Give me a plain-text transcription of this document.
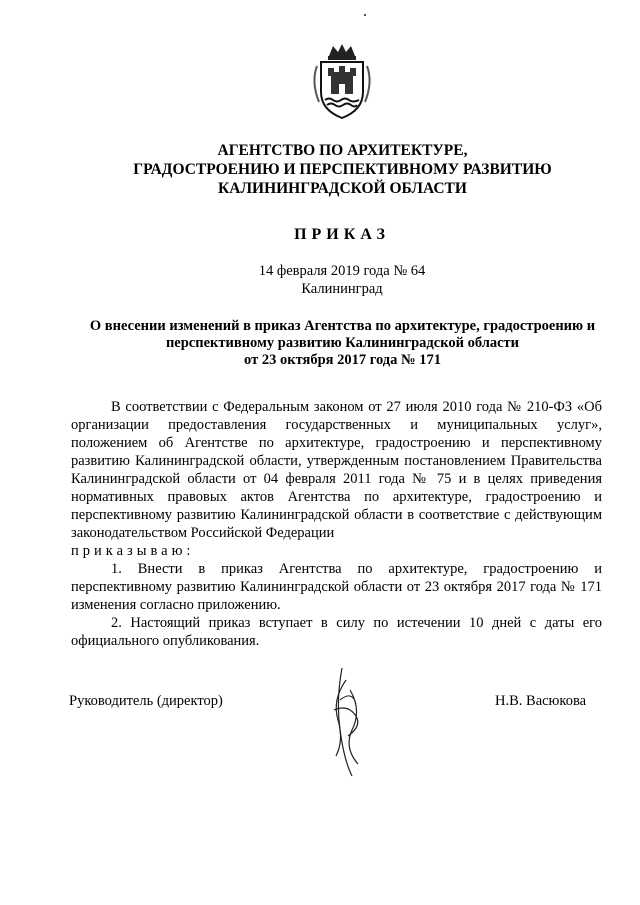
АГЕНТСТВО ПО АРХИТЕКТУРЕ,
ГРАДОСТРОЕНИЮ И ПЕРСПЕКТИВНОМУ РАЗВИТИЮ
КАЛИНИНГРАДСКОЙ ОБЛАСТИ
ПРИКАЗ
14 февраля 2019 года № 64
Калининград
О внесении изменений в приказ Агентства по архитектуре, градостроению и
перспективному развитию Калининградской области
от 23 октября 2017 года № 171

В соответствии с Федеральным законом от 27 июля 2010 года № 210-ФЗ «Об организации предоставления государственных и муниципальных услуг», положением об Агентстве по архитектуре, градостроению и перспективному развитию Калининградской области, утвержденным постановлением Правительства Калининградской области от 04 февраля 2011 года № 75 и в целях приведения нормативных правовых актов Агентства по архитектуре, градостроению и перспективному развитию Калининградской области в соответствие с действующим законодательством Российской Федерации

приказываю:

1. Внести в приказ Агентства по архитектуре, градостроению и перспективному развитию Калининградской области от 23 октября 2017 года № 171 изменения согласно приложению.

2. Настоящий приказ вступает в силу по истечении 10 дней с даты его официального опубликования.

Руководитель (директор)	Н.В. Васюкова
